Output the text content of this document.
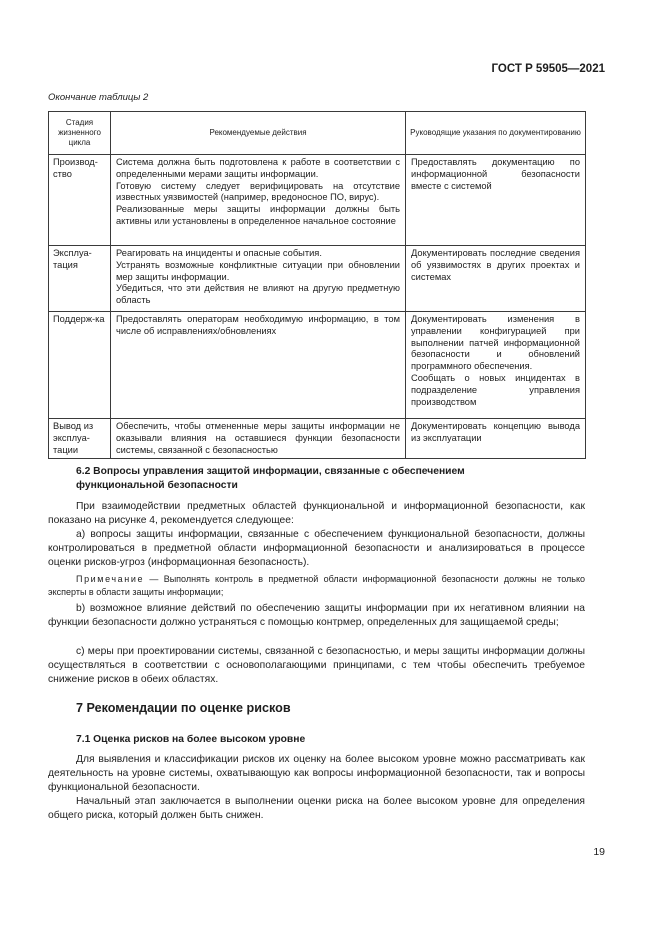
ГОСТ Р 59505—2021
Окончание таблицы 2
Стадия жизненного цикла	Рекомендуемые действия	Руководящие указания по документированию
Производ-ство	Система должна быть подготовлена к работе в соответствии с определенными мерами защиты информации.
Готовую систему следует верифицировать на отсутствие известных уязвимостей (например, вредоносное ПО, вирус).
Реализованные меры защиты информации должны быть активны или установлены в определенное начальное состояние	Предоставлять документацию по информационной безопасности вместе с системой

Эксплуа-тация	Реагировать на инциденты и опасные события.
Устранять возможные конфликтные ситуации при обновлении мер защиты информации.
Убедиться, что эти действия не влияют на другую предметную область	Документировать последние сведения об уязвимостях в других проектах и системах

Поддерж-ка	Предоставлять операторам необходимую информацию, в том числе об исправлениях/обновлениях	Документировать изменения в управлении конфигурацией при выполнении патчей информационной безопасности и обновлений программного обеспечения.
Сообщать о новых инцидентах в подразделение управления производством

Вывод из эксплуа-тации	Обеспечить, чтобы отмененные меры защиты информации не оказывали влияния на оставшиеся функции безопасности системы, связанной с безопасностью	Документировать концепцию вывода из эксплуатации
6.2 Вопросы управления защитой информации, связанные с обеспечением
функциональной безопасности
При взаимодействии предметных областей функциональной и информационной безопасности, как показано на рисунке 4, рекомендуется следующее:
a) вопросы защиты информации, связанные с обеспечением функциональной безопасности, должны контролироваться в предметной области информационной безопасности и анализироваться в процессе оценки рисков-угроз (информационная безопасность).
Примечание — Выполнять контроль в предметной области информационной безопасности должны не только эксперты в области защиты информации;
b) возможное влияние действий по обеспечению защиты информации при их негативном влиянии на функции безопасности должно устраняться с помощью контрмер, определенных для защищаемой среды;
c) меры при проектировании системы, связанной с безопасностью, и меры защиты информации должны осуществляться в соответствии с основополагающими принципами, с тем чтобы обеспечить требуемое снижение рисков в обеих областях.
7 Рекомендации по оценке рисков
7.1 Оценка рисков на более высоком уровне
Для выявления и классификации рисков их оценку на более высоком уровне можно рассматривать как деятельность на уровне системы, охватывающую как вопросы информационной безопасности, так и вопросы функциональной безопасности.
Начальный этап заключается в выполнении оценки риска на более высоком уровне для определения общего риска, который должен быть снижен.
19
